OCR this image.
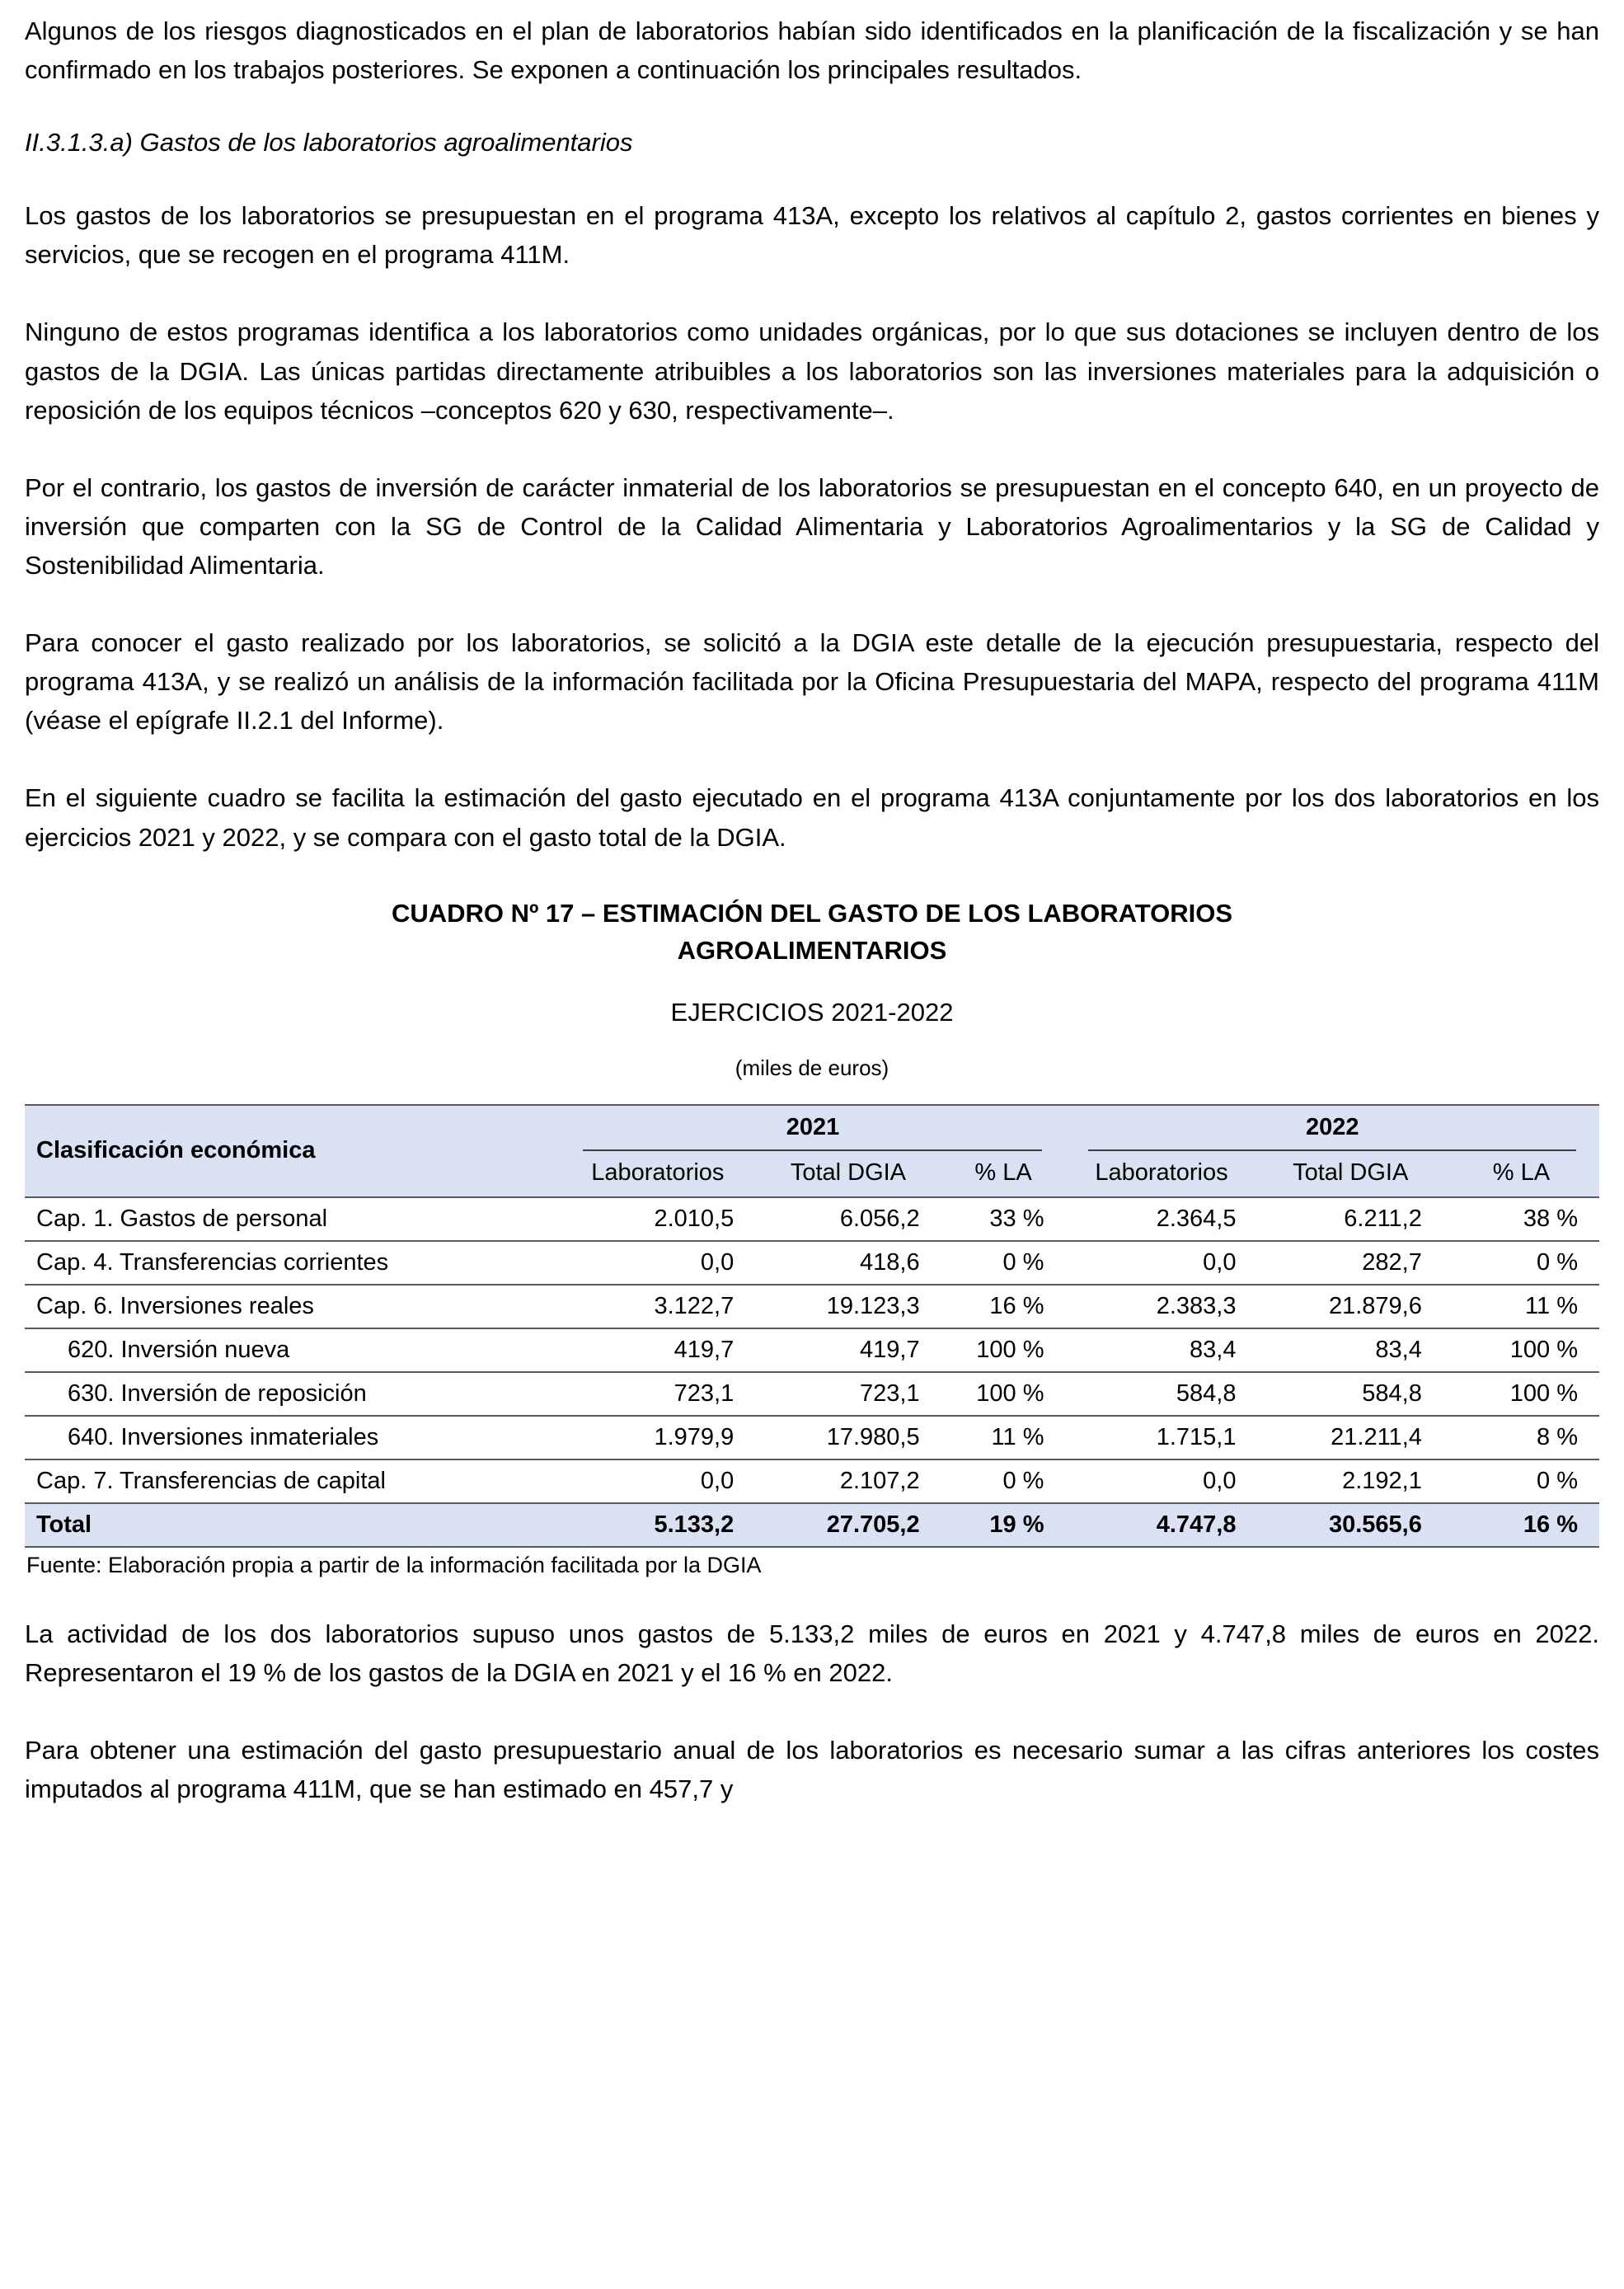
Algunos de los riesgos diagnosticados en el plan de laboratorios habían sido identificados en la planificación de la fiscalización y se han confirmado en los trabajos posteriores. Se exponen a continuación los principales resultados.

II.3.1.3.a) Gastos de los laboratorios agroalimentarios

Los gastos de los laboratorios se presupuestan en el programa 413A, excepto los relativos al capítulo 2, gastos corrientes en bienes y servicios, que se recogen en el programa 411M.

Ninguno de estos programas identifica a los laboratorios como unidades orgánicas, por lo que sus dotaciones se incluyen dentro de los gastos de la DGIA. Las únicas partidas directamente atribuibles a los laboratorios son las inversiones materiales para la adquisición o reposición de los equipos técnicos –conceptos 620 y 630, respectivamente–.

Por el contrario, los gastos de inversión de carácter inmaterial de los laboratorios se presupuestan en el concepto 640, en un proyecto de inversión que comparten con la SG de Control de la Calidad Alimentaria y Laboratorios Agroalimentarios y la SG de Calidad y Sostenibilidad Alimentaria.

Para conocer el gasto realizado por los laboratorios, se solicitó a la DGIA este detalle de la ejecución presupuestaria, respecto del programa 413A, y se realizó un análisis de la información facilitada por la Oficina Presupuestaria del MAPA, respecto del programa 411M (véase el epígrafe II.2.1 del Informe).

En el siguiente cuadro se facilita la estimación del gasto ejecutado en el programa 413A conjuntamente por los dos laboratorios en los ejercicios 2021 y 2022, y se compara con el gasto total de la DGIA.

CUADRO Nº 17 – ESTIMACIÓN DEL GASTO DE LOS LABORATORIOS
AGROALIMENTARIOS
EJERCICIOS 2021-2022
(miles de euros)
Clasificación económica	2021			2022		

	Laboratorios	Total DGIA	% LA	Laboratorios	Total DGIA	% LA
Cap. 1. Gastos de personal	2.010,5	6.056,2	33 %	2.364,5	6.211,2	38 %
Cap. 4. Transferencias corrientes	0,0	418,6	0 %	0,0	282,7	0 %
Cap. 6. Inversiones reales	3.122,7	19.123,3	16 %	2.383,3	21.879,6	11 %
620. Inversión nueva	419,7	419,7	100 %	83,4	83,4	100 %
630. Inversión de reposición	723,1	723,1	100 %	584,8	584,8	100 %
640. Inversiones inmateriales	1.979,9	17.980,5	11 %	1.715,1	21.211,4	8 %
Cap. 7. Transferencias de capital	0,0	2.107,2	0 %	0,0	2.192,1	0 %
Total	5.133,2	27.705,2	19 %	4.747,8	30.565,6	16 %
Fuente: Elaboración propia a partir de la información facilitada por la DGIA

La actividad de los dos laboratorios supuso unos gastos de 5.133,2 miles de euros en 2021 y 4.747,8 miles de euros en 2022. Representaron el 19 % de los gastos de la DGIA en 2021 y el 16 % en 2022.

Para obtener una estimación del gasto presupuestario anual de los laboratorios es necesario sumar a las cifras anteriores los costes imputados al programa 411M, que se han estimado en 457,7 y
